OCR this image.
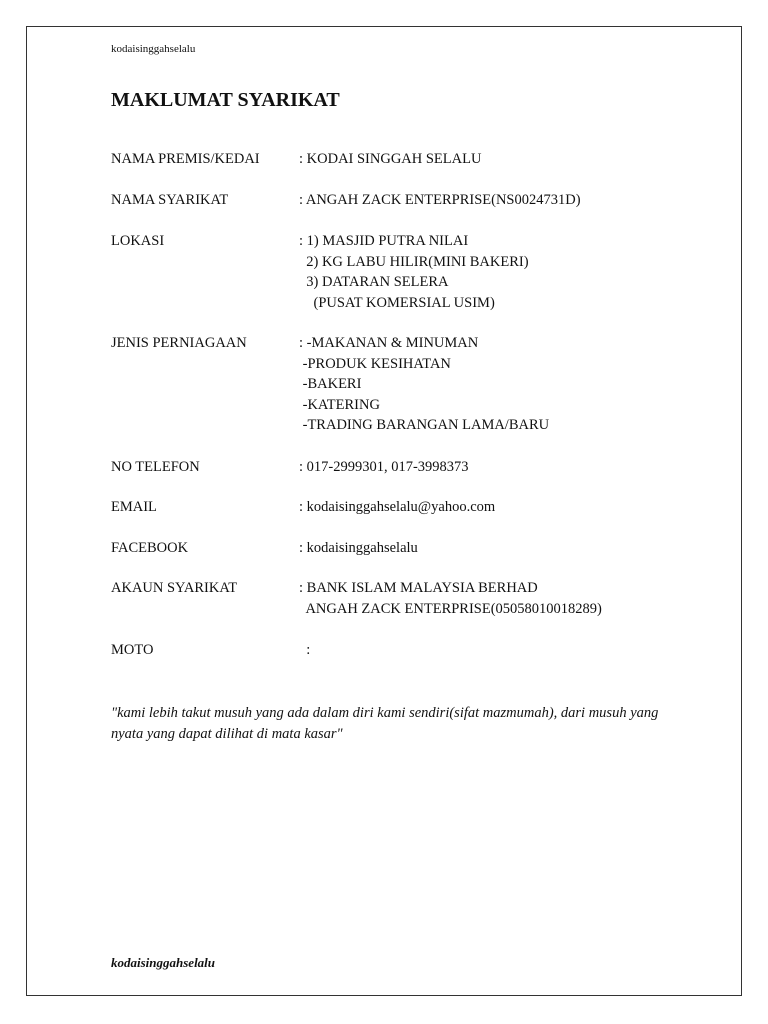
kodaisinggahselalu
MAKLUMAT SYARIKAT
NAMA PREMIS/KEDAI	: KODAI SINGGAH SELALU
NAMA SYARIKAT	: ANGAH ZACK ENTERPRISE(NS0024731D)
LOKASI	: 1) MASJID PUTRA NILAI
2) KG LABU HILIR(MINI BAKERI)
3) DATARAN SELERA
(PUSAT KOMERSIAL USIM)
JENIS PERNIAGAAN	: -MAKANAN & MINUMAN
-PRODUK KESIHATAN
-BAKERI
-KATERING
-TRADING BARANGAN LAMA/BARU
NO TELEFON	: 017-2999301, 017-3998373
EMAIL	: kodaisinggahselalu@yahoo.com
FACEBOOK	: kodaisinggahselalu
AKAUN SYARIKAT	: BANK ISLAM MALAYSIA BERHAD
ANGAH ZACK ENTERPRISE(05058010018289)
MOTO	:
"kami lebih takut musuh yang ada dalam diri kami sendiri(sifat mazmumah), dari musuh yang nyata yang dapat dilihat di mata kasar"
kodaisinggahselalu
